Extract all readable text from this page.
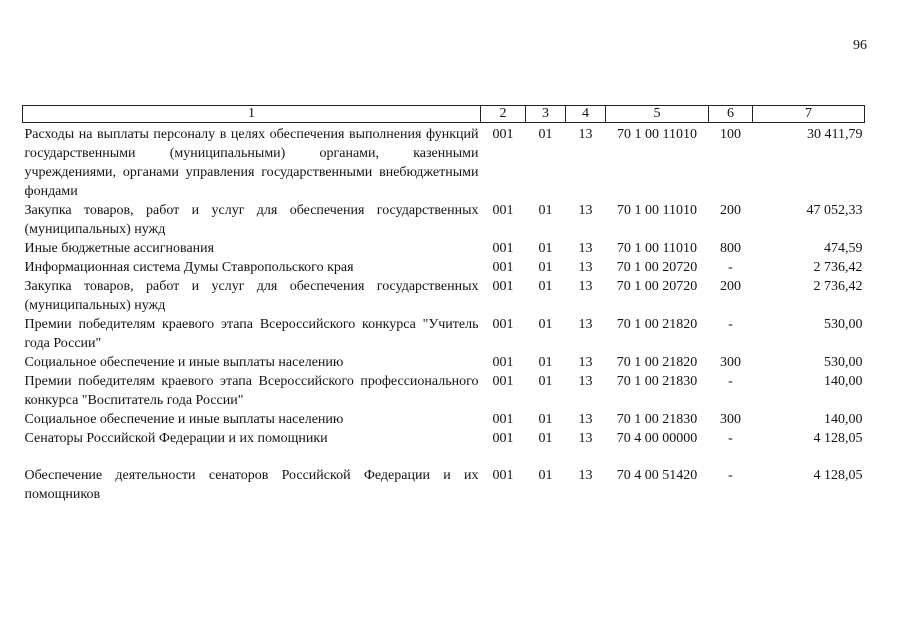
96
1	2	3	4	5	6	7
Расходы на выплаты персоналу в целях обеспечения выполнения функций государственными (муниципальными) органами, казенными учреждениями, органами управления государственными внебюджетными фондами	001	01	13	70 1 00 11010	100	30 411,79
Закупка товаров, работ и услуг для обеспечения государственных (муниципальных) нужд	001	01	13	70 1 00 11010	200	47 052,33
Иные бюджетные ассигнования	001	01	13	70 1 00 11010	800	474,59
Информационная система Думы Ставропольского края	001	01	13	70 1 00 20720	-	2 736,42
Закупка товаров, работ и услуг для обеспечения государственных (муниципальных) нужд	001	01	13	70 1 00 20720	200	2 736,42
Премии победителям краевого этапа Всероссийского конкурса "Учитель года России"	001	01	13	70 1 00 21820	-	530,00
Социальное обеспечение и иные выплаты населению	001	01	13	70 1 00 21820	300	530,00
Премии победителям краевого этапа Всероссийского профессионального конкурса "Воспитатель года России"	001	01	13	70 1 00 21830	-	140,00
Социальное обеспечение и иные выплаты населению	001	01	13	70 1 00 21830	300	140,00
Сенаторы Российской Федерации и их помощники	001	01	13	70 4 00 00000	-	4 128,05
Обеспечение деятельности сенаторов Российской Федерации и их помощников	001	01	13	70 4 00 51420	-	4 128,05
